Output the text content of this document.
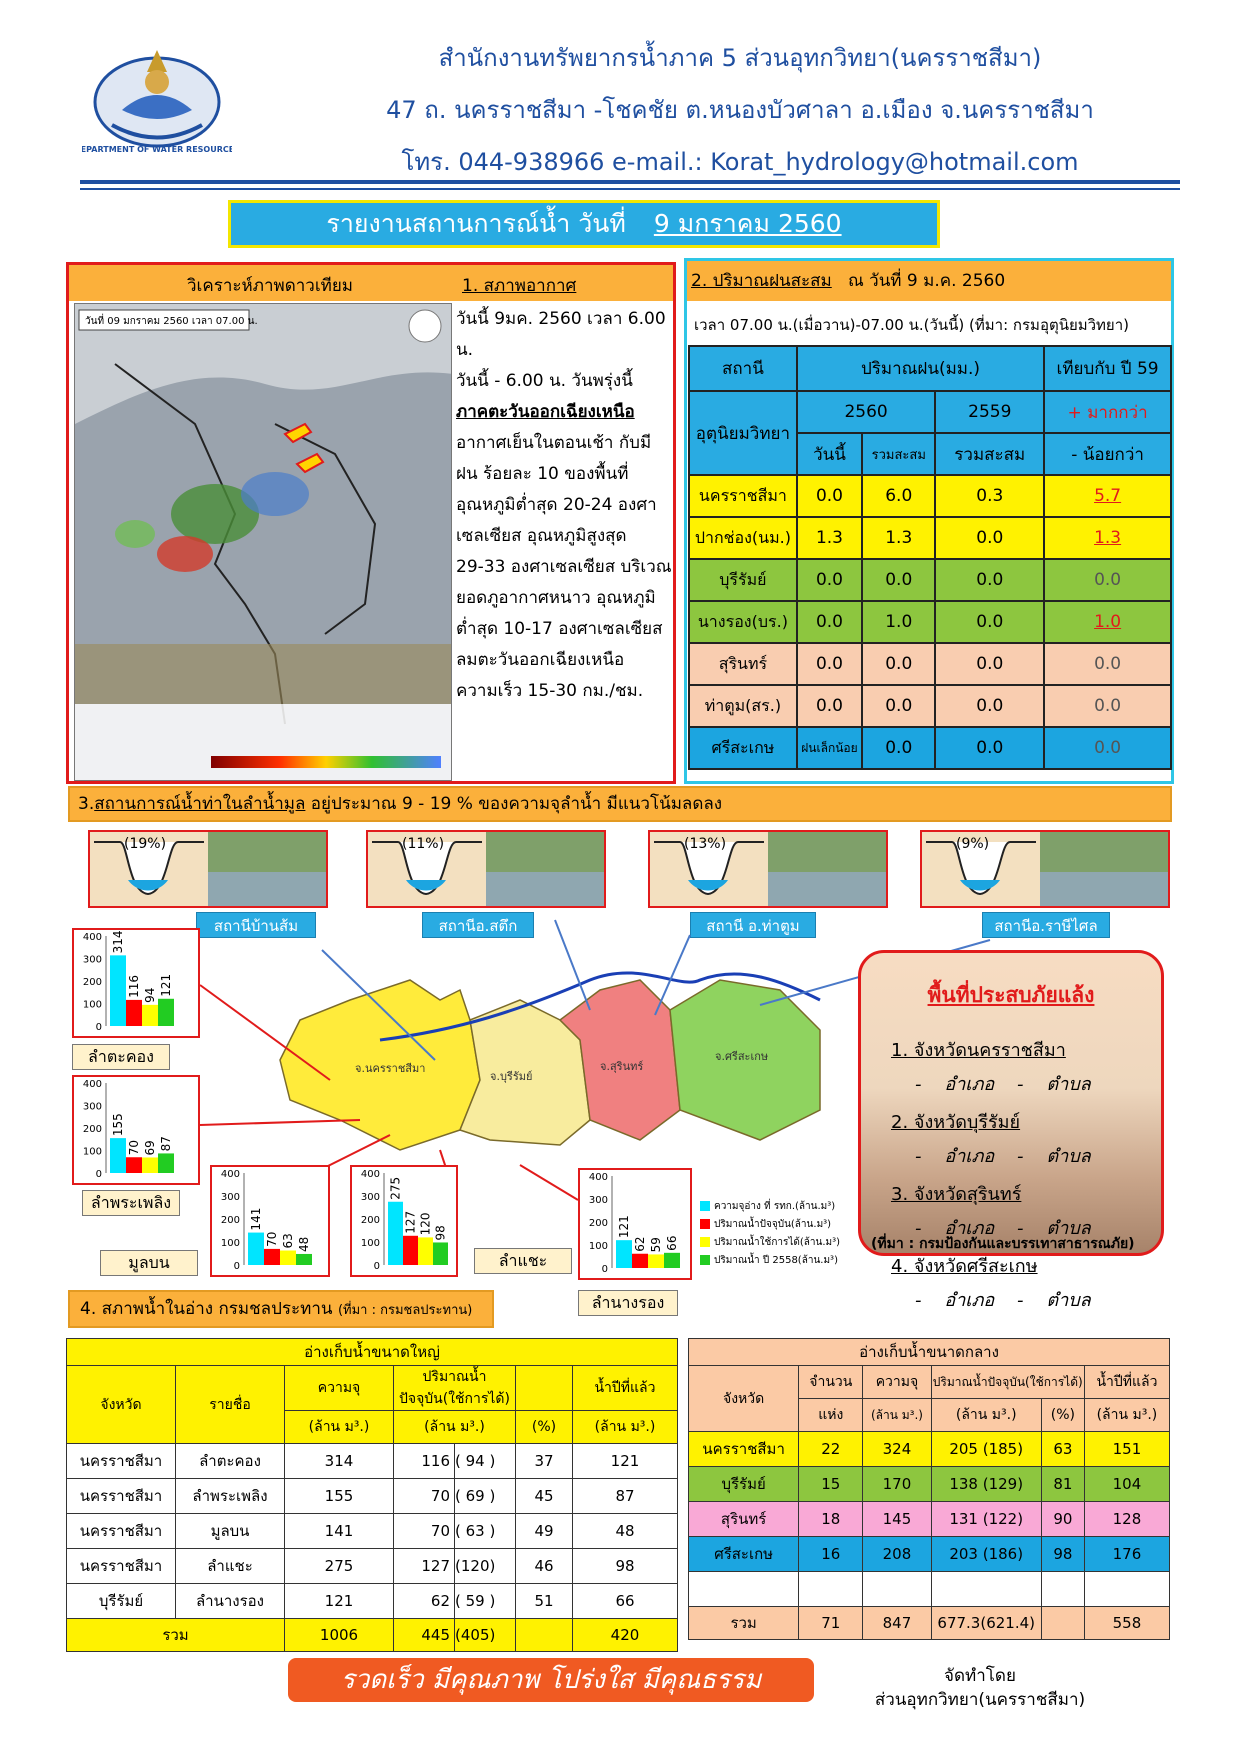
DEPARTMENT OF WATER RESOURCES
สำนักงานทรัพยากรน้ำภาค 5 ส่วนอุทกวิทยา(นครราชสีมา)
47 ถ. นครราชสีมา -โชคชัย ต.หนองบัวศาลา อ.เมือง จ.นครราชสีมา
โทร. 044-938966 e-mail.: Korat_hydrology@hotmail.com
รายงานสถานการณ์น้ำ วันที่ 9 มกราคม 2560
วิเคราะห์ภาพดาวเทียม	1. สภาพอากาศ
วันที่ 09 มกราคม 2560 เวลา 07.00 น.	วันนี้ 9มค. 2560 เวลา 6.00 น.
วันนี้ - 6.00 น. วันพรุ่งนี้
ภาคตะวันออกเฉียงเหนือ
อากาศเย็นในตอนเช้า กับมี
ฝน ร้อยละ 10 ของพื้นที่
อุณหภูมิต่ำสุด 20-24 องศา
เซลเซียส อุณหภูมิสูงสุด
29-33 องศาเซลเซียส บริเวณ
ยอดภูอากาศหนาว อุณหภูมิ
ต่ำสุด 10-17 องศาเซลเซียส
ลมตะวันออกเฉียงเหนือ
ความเร็ว 15-30 กม./ชม.
2. ปริมาณฝนสะสม ณ วันที่ 9 ม.ค. 2560
เวลา 07.00 น.(เมื่อวาน)-07.00 น.(วันนี้) (ที่มา: กรมอุตุนิยมวิทยา)
สถานี	ปริมาณฝน(มม.)			เทียบกับ ปี 59
อุตุนิยมวิทยา	2560		2559	+ มากกว่า
	วันนี้	รวมสะสม	รวมสะสม	- น้อยกว่า
นครราชสีมา	0.0	6.0	0.3	5.7
ปากช่อง(นม.)	1.3	1.3	0.0	1.3
บุรีรัมย์	0.0	0.0	0.0	0.0
นางรอง(บร.)	0.0	1.0	0.0	1.0
สุรินทร์	0.0	0.0	0.0	0.0
ท่าตูม(สร.)	0.0	0.0	0.0	0.0
ศรีสะเกษ	ฝนเล็กน้อย	0.0	0.0	0.0
3.สถานการณ์น้ำท่าในลำน้ำมูล อยู่ประมาณ 9 - 19 % ของความจุลำน้ำ มีแนวโน้มลดลง
(19%)
สถานีบ้านส้ม
(11%)
สถานีอ.สตึก
(13%)
สถานี อ.ท่าตูม
(9%)
สถานีอ.ราษีไศล
จ.นครราชสีมา
จ.บุรีรัมย์
จ.สุรินทร์
จ.ศรีสะเกษ
400
300
200
100
0
314
116 94 121
ลำตะคอง
400
300
200
100
0
155
70 69 87
ลำพระเพลิง
400
300
200
100
0
141
70 63 48
มูลบน
400
300
200
100
0
275
127 120 98
ลำแชะ
400
300
200
100
0
121
62 59 66
ลำนางรอง
ความจุอ่าง ที่ รทก.(ล้าน.ม³)
ปริมาณน้ำปัจจุบัน(ล้าน.ม³)
ปริมาณน้ำใช้การได้(ล้าน.ม³)
ปริมาณน้ำ ปี 2558(ล้าน.ม³)
พื้นที่ประสบภัยแล้ง
1. จังหวัดนครราชสีมา
-    อำเภอ    -    ตำบล
2. จังหวัดบุรีรัมย์
-    อำเภอ    -    ตำบล
3. จังหวัดสุรินทร์
-    อำเภอ    -    ตำบล
4. จังหวัดศรีสะเกษ
-    อำเภอ    -    ตำบล
(ที่มา : กรมป้องกันและบรรเทาสาธารณภัย)
4. สภาพน้ำในอ่าง กรมชลประทาน (ที่มา : กรมชลประทาน)
อ่างเก็บน้ำขนาดใหญ่						
จังหวัด	รายชื่อ	ความจุ	ปริมาณน้ำปัจจุบัน(ใช้การได้)			น้ำปีที่แล้ว
		(ล้าน ม³.)	(ล้าน ม³.)		(%)	(ล้าน ม³.)
นครราชสีมา	ลำตะคอง	314	116	( 94 )	37	121
นครราชสีมา	ลำพระเพลิง	155	70	( 69 )	45	87
นครราชสีมา	มูลบน	141	70	( 63 )	49	48
นครราชสีมา	ลำแชะ	275	127	(120)	46	98
บุรีรัมย์	ลำนางรอง	121	62	( 59 )	51	66
รวม		1006	445	(405)		420
อ่างเก็บน้ำขนาดกลาง					
จังหวัด	จำนวน	ความจุ	ปริมาณน้ำปัจจุบัน(ใช้การได้)		น้ำปีที่แล้ว
	แห่ง	(ล้าน ม³.)	(ล้าน ม³.)	(%)	(ล้าน ม³.)
นครราชสีมา	22	324	205 (185)	63	151
บุรีรัมย์	15	170	138 (129)	81	104
สุรินทร์	18	145	131 (122)	90	128
ศรีสะเกษ	16	208	203 (186)	98	176

รวม	71	847	677.3(621.4)		558
รวดเร็ว มีคุณภาพ โปร่งใส มีคุณธรรม	จัดทำโดย
ส่วนอุทกวิทยา(นครราชสีมา)
